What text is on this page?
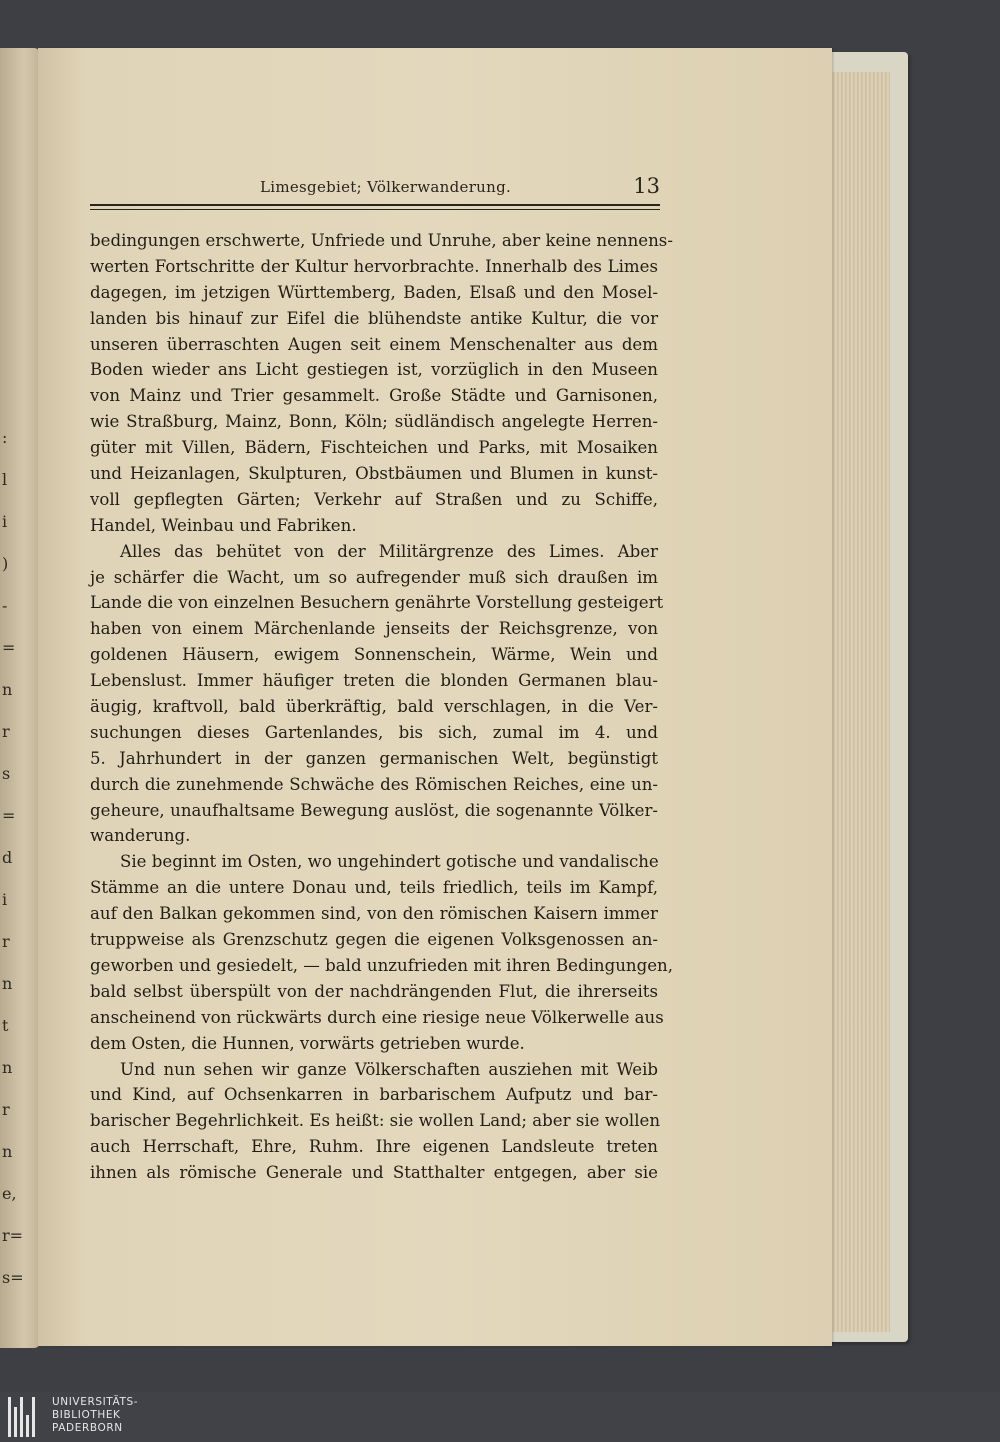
:
l
i
)
-
=
n
r
s
=
d
i
r
n
t
n
r
n
e,
r=
s=
Limesgebiet; Völkerwanderung.	13
bedingungen erschwerte, Unfriede und Unruhe, aber keine nennens-
werten Fortschritte der Kultur hervorbrachte. Innerhalb des Limes
dagegen, im jetzigen Württemberg, Baden, Elsaß und den Mosel-
landen bis hinauf zur Eifel die blühendste antike Kultur, die vor
unseren überraschten Augen seit einem Menschenalter aus dem
Boden wieder ans Licht gestiegen ist, vorzüglich in den Museen
von Mainz und Trier gesammelt. Große Städte und Garnisonen,
wie Straßburg, Mainz, Bonn, Köln; südländisch angelegte Herren-
güter mit Villen, Bädern, Fischteichen und Parks, mit Mosaiken
und Heizanlagen, Skulpturen, Obstbäumen und Blumen in kunst-
voll gepflegten Gärten; Verkehr auf Straßen und zu Schiffe,
Handel, Weinbau und Fabriken.
Alles das behütet von der Militärgrenze des Limes. Aber
je schärfer die Wacht, um so aufregender muß sich draußen im
Lande die von einzelnen Besuchern genährte Vorstellung gesteigert
haben von einem Märchenlande jenseits der Reichsgrenze, von
goldenen Häusern, ewigem Sonnenschein, Wärme, Wein und
Lebenslust. Immer häufiger treten die blonden Germanen blau-
äugig, kraftvoll, bald überkräftig, bald verschlagen, in die Ver-
suchungen dieses Gartenlandes, bis sich, zumal im 4. und
5. Jahrhundert in der ganzen germanischen Welt, begünstigt
durch die zunehmende Schwäche des Römischen Reiches, eine un-
geheure, unaufhaltsame Bewegung auslöst, die sogenannte Völker-
wanderung.
Sie beginnt im Osten, wo ungehindert gotische und vandalische
Stämme an die untere Donau und, teils friedlich, teils im Kampf,
auf den Balkan gekommen sind, von den römischen Kaisern immer
truppweise als Grenzschutz gegen die eigenen Volksgenossen an-
geworben und gesiedelt, — bald unzufrieden mit ihren Bedingungen,
bald selbst überspült von der nachdrängenden Flut, die ihrerseits
anscheinend von rückwärts durch eine riesige neue Völkerwelle aus
dem Osten, die Hunnen, vorwärts getrieben wurde.
Und nun sehen wir ganze Völkerschaften ausziehen mit Weib
und Kind, auf Ochsenkarren in barbarischem Aufputz und bar-
barischer Begehrlichkeit. Es heißt: sie wollen Land; aber sie wollen
auch Herrschaft, Ehre, Ruhm. Ihre eigenen Landsleute treten
ihnen als römische Generale und Statthalter entgegen, aber sie
UNIVERSITÄTS-
BIBLIOTHEK
PADERBORN
